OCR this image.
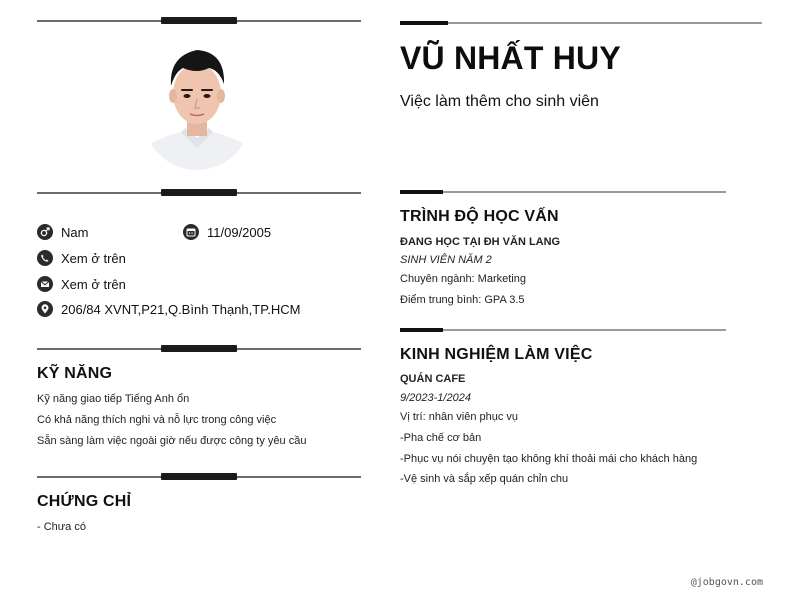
Nam	11/09/2005
Xem ở trên
Xem ở trên
206/84 XVNT,P21,Q.Bình Thạnh,TP.HCM
KỸ NĂNG
Kỹ năng giao tiếp Tiếng Anh ổn
Có khả năng thích nghi và nỗ lực trong công việc
Sẵn sàng làm việc ngoài giờ nếu được công ty yêu cầu
CHỨNG CHỈ
- Chưa có
VŨ NHẤT HUY
Việc làm thêm cho sinh viên
TRÌNH ĐỘ HỌC VẤN
ĐANG HỌC TẠI ĐH VĂN LANG
SINH VIÊN NĂM 2
Chuyên ngành: Marketing
Điểm trung bình: GPA 3.5
KINH NGHIỆM LÀM VIỆC
QUÁN CAFE
9/2023-1/2024
Vị trí: nhân viên phục vụ
-Pha chế cơ bản
-Phục vụ nói chuyện tạo không khí thoải mái cho khách hàng
-Vệ sinh và sắp xếp quán chỉn chu
@jobgovn.com
